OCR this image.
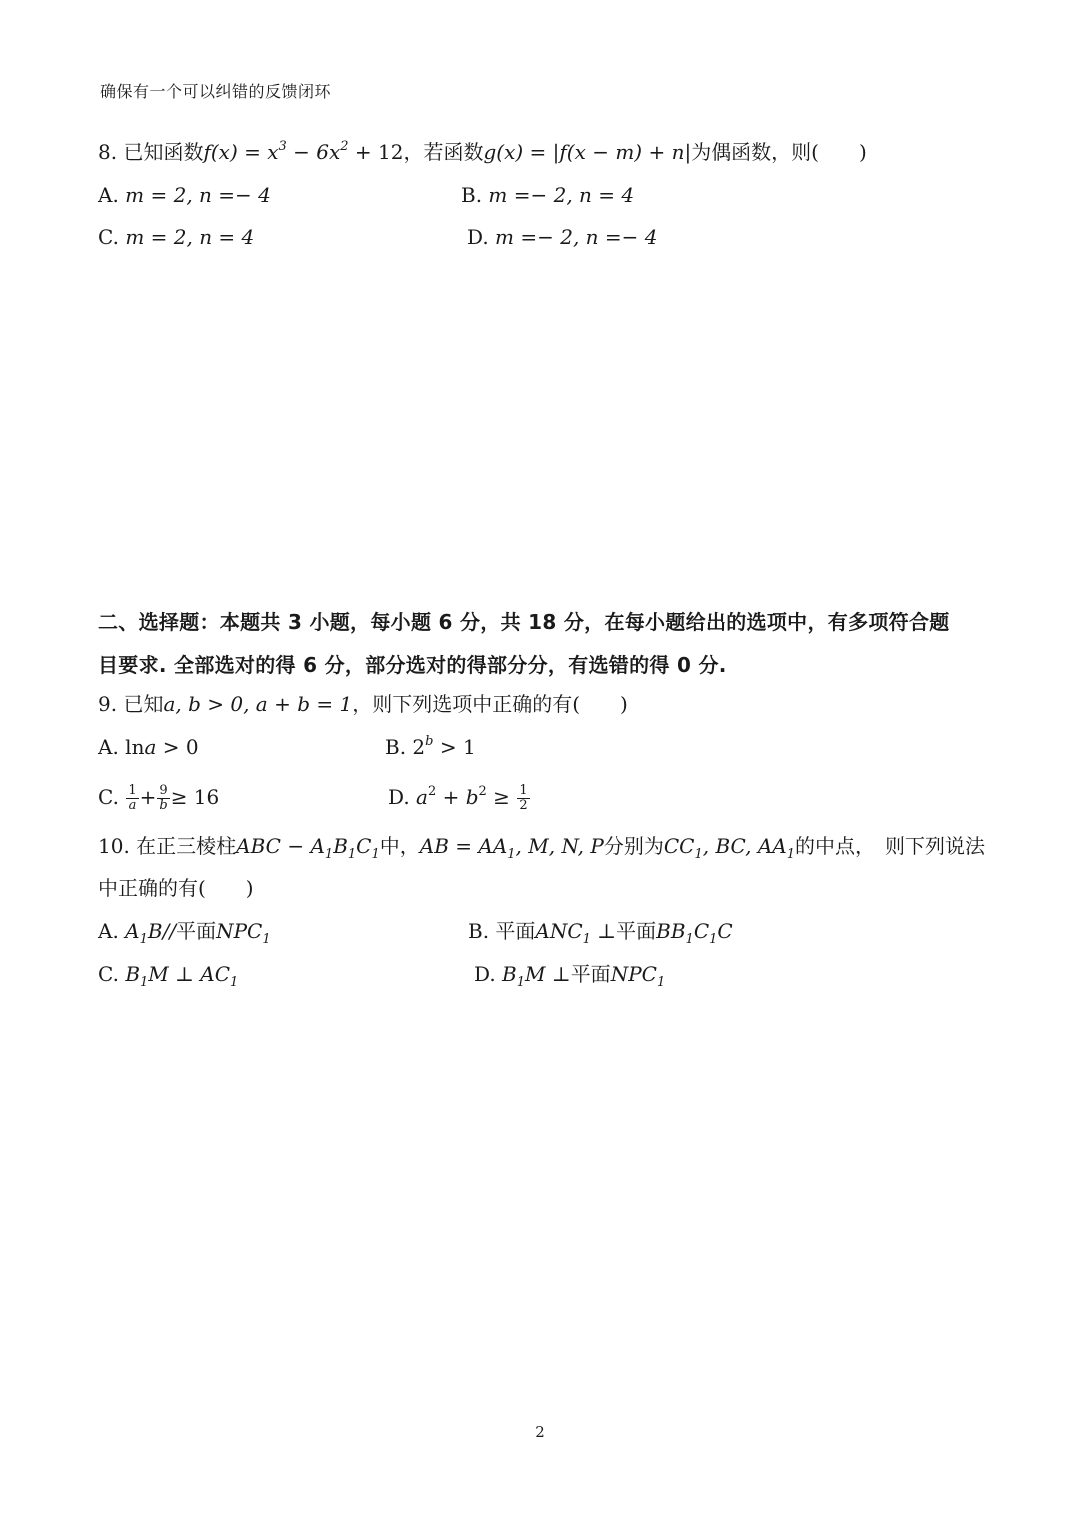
确保有一个可以纠错的反馈闭环
8. 已知函数$f(x) = x^3 - 6x^2 + 12$，若函数g(x) = |f(x − m) + n|为偶函数，则(　　)
A. m = 2, n =− 4	B. m =− 2, n = 4
C. m = 2, n = 4	D. m =− 2, n =− 4
二、选择题：本题共 3 小题，每小题 6 分，共 18 分，在每小题给出的选项中，有多项符合题
目要求. 全部选对的得 6 分，部分选对的得部分分，有选错的得 0 分.
9. 已知a, b > 0, a + b = 1，则下列选项中正确的有(　　)
A. lna > 0	B. $2^b > 1$
C. $\frac{1}{a} + \frac{9}{b} \ge 16$	D. $a^2 + b^2 \ge \frac{1}{2}$
10. 在正三棱柱ABC − $A_1B_1C_1$中，AB = $AA_1$, M, N, P分别为$CC_1$, BC, $AA_1$的中点，　则下列说法
中正确的有(　　)
A. $A_1B//$平面$NPC_1$	B. 平面$ANC_1$ ⊥平面$BB_1C_1C$
C. $B_1M$ ⊥ $AC_1$	D. $B_1M$ ⊥平面$NPC_1$
2
